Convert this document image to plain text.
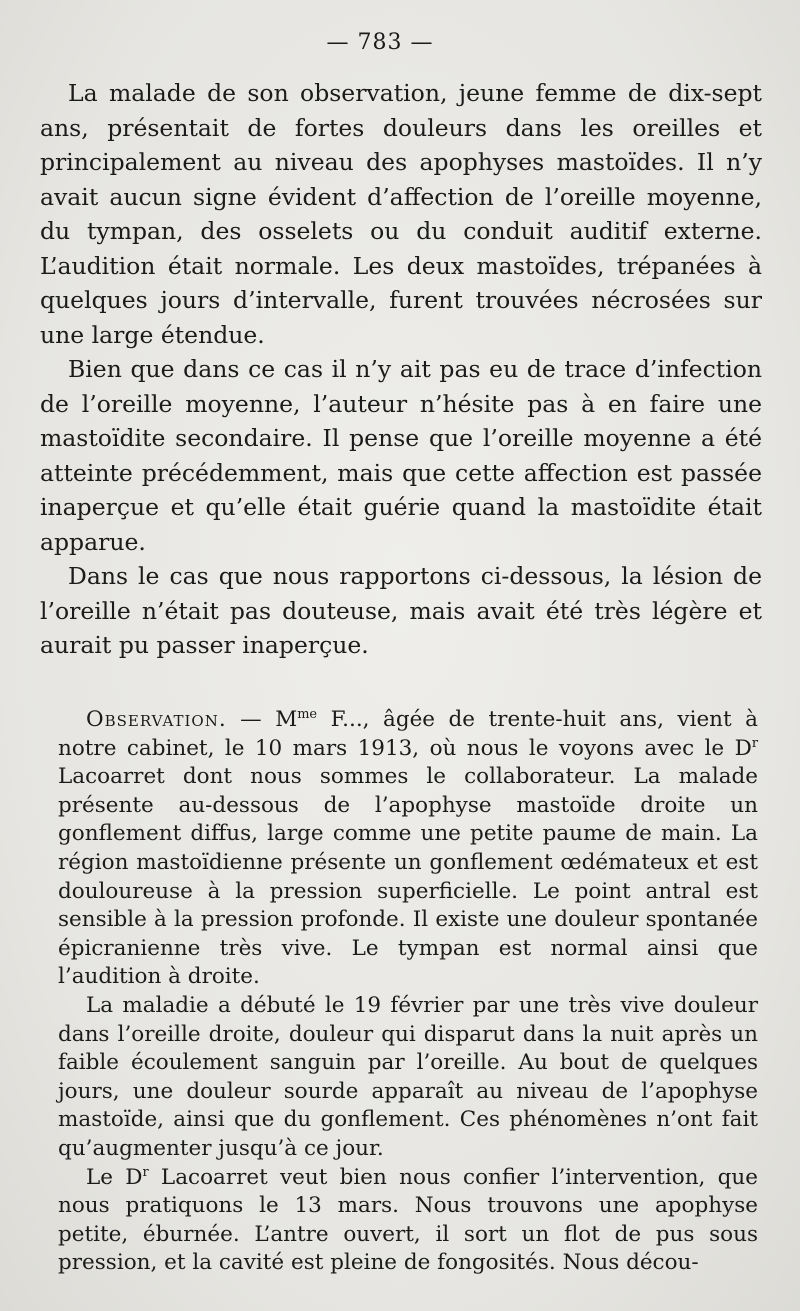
— 783 —

La malade de son observation, jeune femme de dix-sept ans, présentait de fortes douleurs dans les oreilles et principalement au niveau des apophyses mastoïdes. Il n’y avait aucun signe évident d’affection de l’oreille moyenne, du tympan, des osselets ou du conduit auditif externe. L’audition était normale. Les deux mastoïdes, trépanées à quelques jours d’intervalle, furent trouvées nécrosées sur une large étendue.

Bien que dans ce cas il n’y ait pas eu de trace d’infection de l’oreille moyenne, l’auteur n’hésite pas à en faire une mastoïdite secondaire. Il pense que l’oreille moyenne a été atteinte précédemment, mais que cette affection est passée inaperçue et qu’elle était guérie quand la mastoïdite était apparue.

Dans le cas que nous rapportons ci-dessous, la lésion de l’oreille n’était pas douteuse, mais avait été très légère et aurait pu passer inaperçue.

Observation. — $M^{me}$ F..., âgée de trente-huit ans, vient à notre cabinet, le 10 mars 1913, où nous le voyons avec le $D^r$ Lacoarret dont nous sommes le collaborateur. La malade présente au-dessous de l’apophyse mastoïde droite un gonflement diffus, large comme une petite paume de main. La région mastoïdienne présente un gonflement œdémateux et est douloureuse à la pression superficielle. Le point antral est sensible à la pression profonde. Il existe une douleur spontanée épicranienne très vive. Le tympan est normal ainsi que l’audition à droite.

La maladie a débuté le 19 février par une très vive douleur dans l’oreille droite, douleur qui disparut dans la nuit après un faible écoulement sanguin par l’oreille. Au bout de quelques jours, une douleur sourde apparaît au niveau de l’apophyse mastoïde, ainsi que du gonflement. Ces phénomènes n’ont fait qu’augmenter jusqu’à ce jour.

Le $D^r$ Lacoarret veut bien nous confier l’intervention, que nous pratiquons le 13 mars. Nous trouvons une apophyse petite, éburnée. L’antre ouvert, il sort un flot de pus sous pression, et la cavité est pleine de fongosités. Nous décou-
